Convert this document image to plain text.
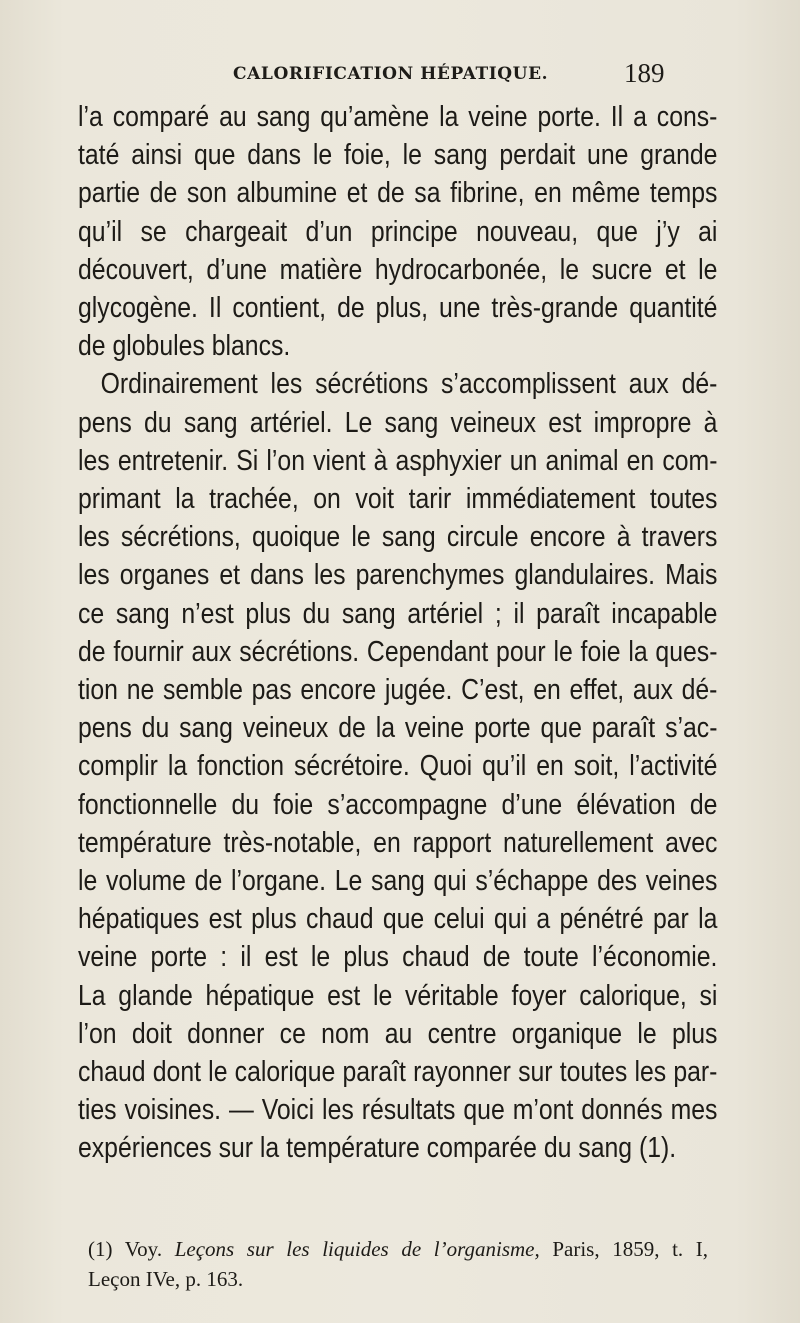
CALORIFICATION HÉPATIQUE.	189
l’a comparé au sang qu’amène la veine porte. Il a cons-
taté ainsi que dans le foie, le sang perdait une grande
partie de son albumine et de sa fibrine, en même temps
qu’il se chargeait d’un principe nouveau, que j’y ai
découvert, d’une matière hydrocarbonée, le sucre et le
glycogène. Il contient, de plus, une très-grande quantité
de globules blancs.
Ordinairement les sécrétions s’accomplissent aux dé-
pens du sang artériel. Le sang veineux est impropre à
les entretenir. Si l’on vient à asphyxier un animal en com-
primant la trachée, on voit tarir immédiatement toutes
les sécrétions, quoique le sang circule encore à travers
les organes et dans les parenchymes glandulaires. Mais
ce sang n’est plus du sang artériel ; il paraît incapable
de fournir aux sécrétions. Cependant pour le foie la ques-
tion ne semble pas encore jugée. C’est, en effet, aux dé-
pens du sang veineux de la veine porte que paraît s’ac-
complir la fonction sécrétoire. Quoi qu’il en soit, l’activité
fonctionnelle du foie s’accompagne d’une élévation de
température très-notable, en rapport naturellement avec
le volume de l’organe. Le sang qui s’échappe des veines
hépatiques est plus chaud que celui qui a pénétré par la
veine porte : il est le plus chaud de toute l’économie.
La glande hépatique est le véritable foyer calorique, si
l’on doit donner ce nom au centre organique le plus
chaud dont le calorique paraît rayonner sur toutes les par-
ties voisines. — Voici les résultats que m’ont donnés mes
expériences sur la température comparée du sang (1).
(1) Voy. Leçons sur les liquides de l’organisme, Paris, 1859, t. I,
Leçon IVe, p. 163.
